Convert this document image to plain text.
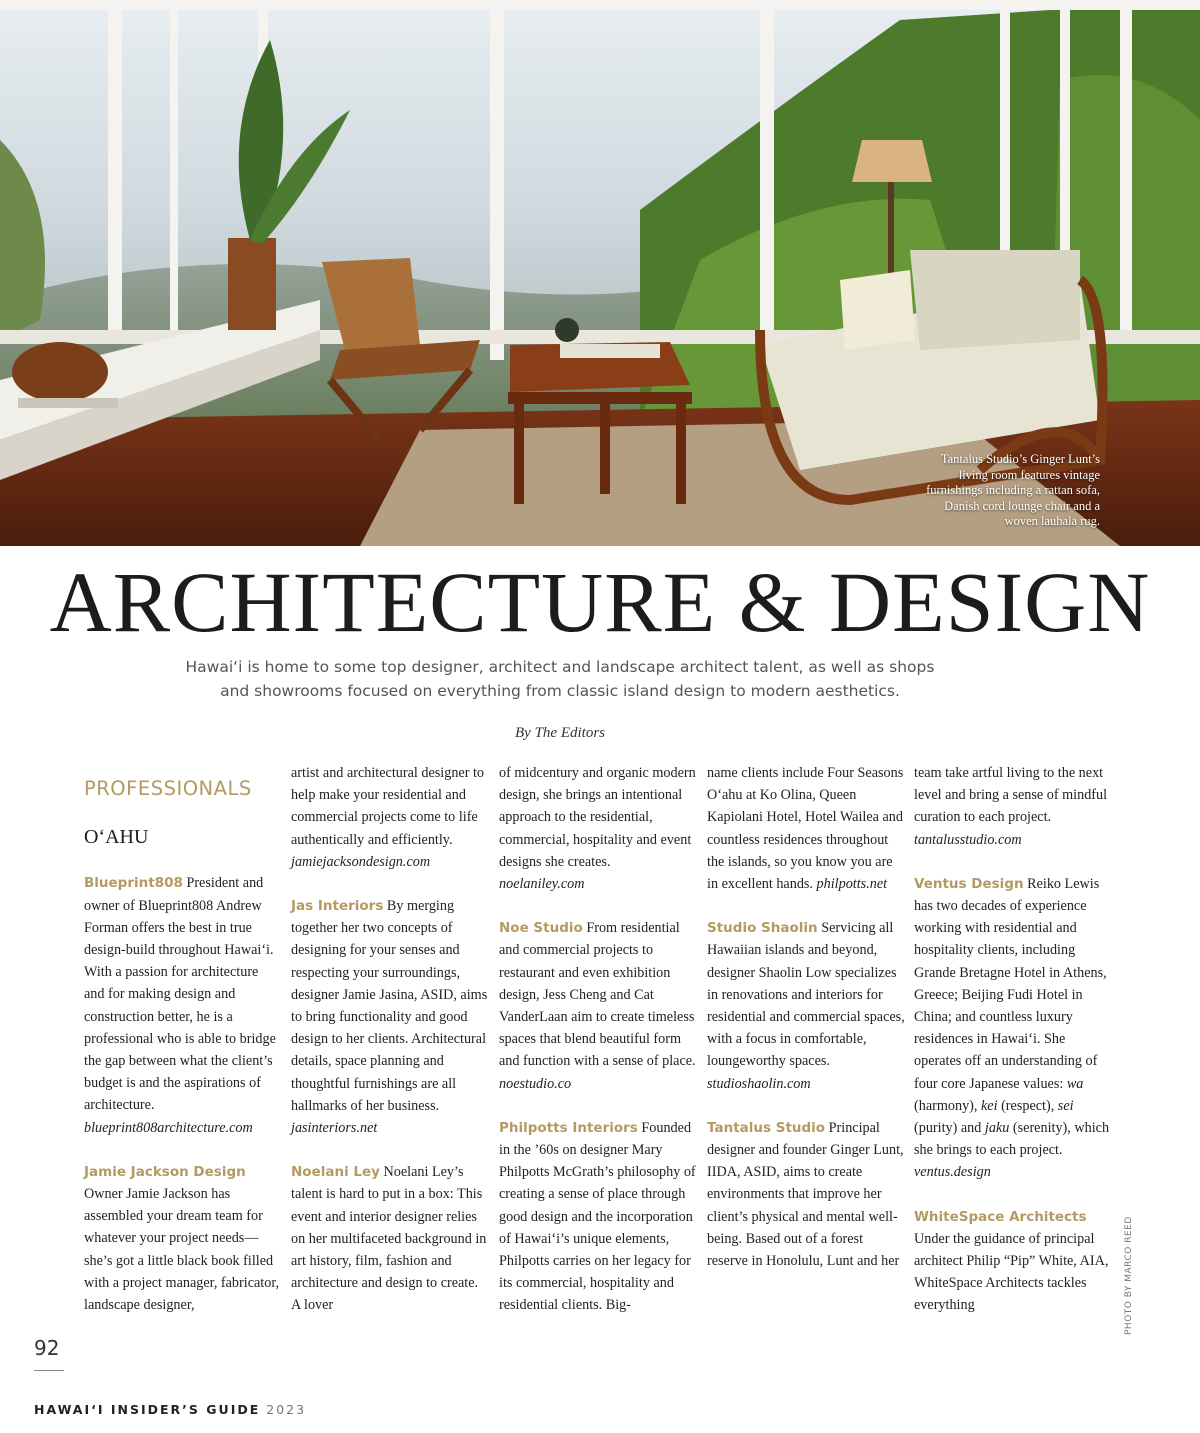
Tantalus Studio’s Ginger Lunt’s living room features vintage furnishings including a rattan sofa, Danish cord lounge chair and a woven lauhala rug.
ARCHITECTURE & DESIGN
Hawai‘i is home to some top designer, architect and landscape architect talent, as well as shops and showrooms focused on everything from classic island design to modern aesthetics.
By The Editors
PROFESSIONALS
O‘AHU

Blueprint808 President and owner of Blueprint808 Andrew Forman offers the best in true design-build throughout Hawai‘i. With a passion for architecture and for making design and construction better, he is a professional who is able to bridge the gap between what the client’s budget is and the aspirations of architecture. blueprint808architecture.com

Jamie Jackson Design Owner Jamie Jackson has assembled your dream team for whatever your project needs—she’s got a little black book filled with a project manager, fabricator, landscape designer,

artist and architectural designer to help make your residential and commercial projects come to life authentically and efficiently. jamiejacksondesign.com

Jas Interiors By merging together her two concepts of designing for your senses and respecting your surroundings, designer Jamie Jasina, ASID, aims to bring functionality and good design to her clients. Architectural details, space planning and thoughtful furnishings are all hallmarks of her business. jasinteriors.net

Noelani Ley Noelani Ley’s talent is hard to put in a box: This event and interior designer relies on her multifaceted background in art history, film, fashion and architecture and design to create. A lover

of midcentury and organic modern design, she brings an intentional approach to the residential, commercial, hospitality and event designs she creates. noelaniley.com

Noe Studio From residential and commercial projects to restaurant and even exhibition design, Jess Cheng and Cat VanderLaan aim to create timeless spaces that blend beautiful form and function with a sense of place. noestudio.co

Philpotts Interiors Founded in the ’60s on designer Mary Philpotts McGrath’s philosophy of creating a sense of place through good design and the incorporation of Hawai‘i’s unique elements, Philpotts carries on her legacy for its commercial, hospitality and residential clients. Big-

name clients include Four Seasons O‘ahu at Ko Olina, Queen Kapiolani Hotel, Hotel Wailea and countless residences throughout the islands, so you know you are in excellent hands. philpotts.net

Studio Shaolin Servicing all Hawaiian islands and beyond, designer Shaolin Low specializes in renovations and interiors for residential and commercial spaces, with a focus in comfortable, loungeworthy spaces. studioshaolin.com

Tantalus Studio Principal designer and founder Ginger Lunt, IIDA, ASID, aims to create environments that improve her client’s physical and mental well-being. Based out of a forest reserve in Honolulu, Lunt and her

team take artful living to the next level and bring a sense of mindful curation to each project. tantalusstudio.com

Ventus Design Reiko Lewis has two decades of experience working with residential and hospitality clients, including Grande Bretagne Hotel in Athens, Greece; Beijing Fudi Hotel in China; and countless luxury residences in Hawai‘i. She operates off an understanding of four core Japanese values: wa (harmony), kei (respect), sei (purity) and jaku (serenity), which she brings to each project. ventus.design

WhiteSpace Architects Under the guidance of principal architect Philip “Pip” White, AIA, WhiteSpace Architects tackles everything

92
HAWAI‘I INSIDER’S GUIDE 2023
PHOTO BY MARCO REED
